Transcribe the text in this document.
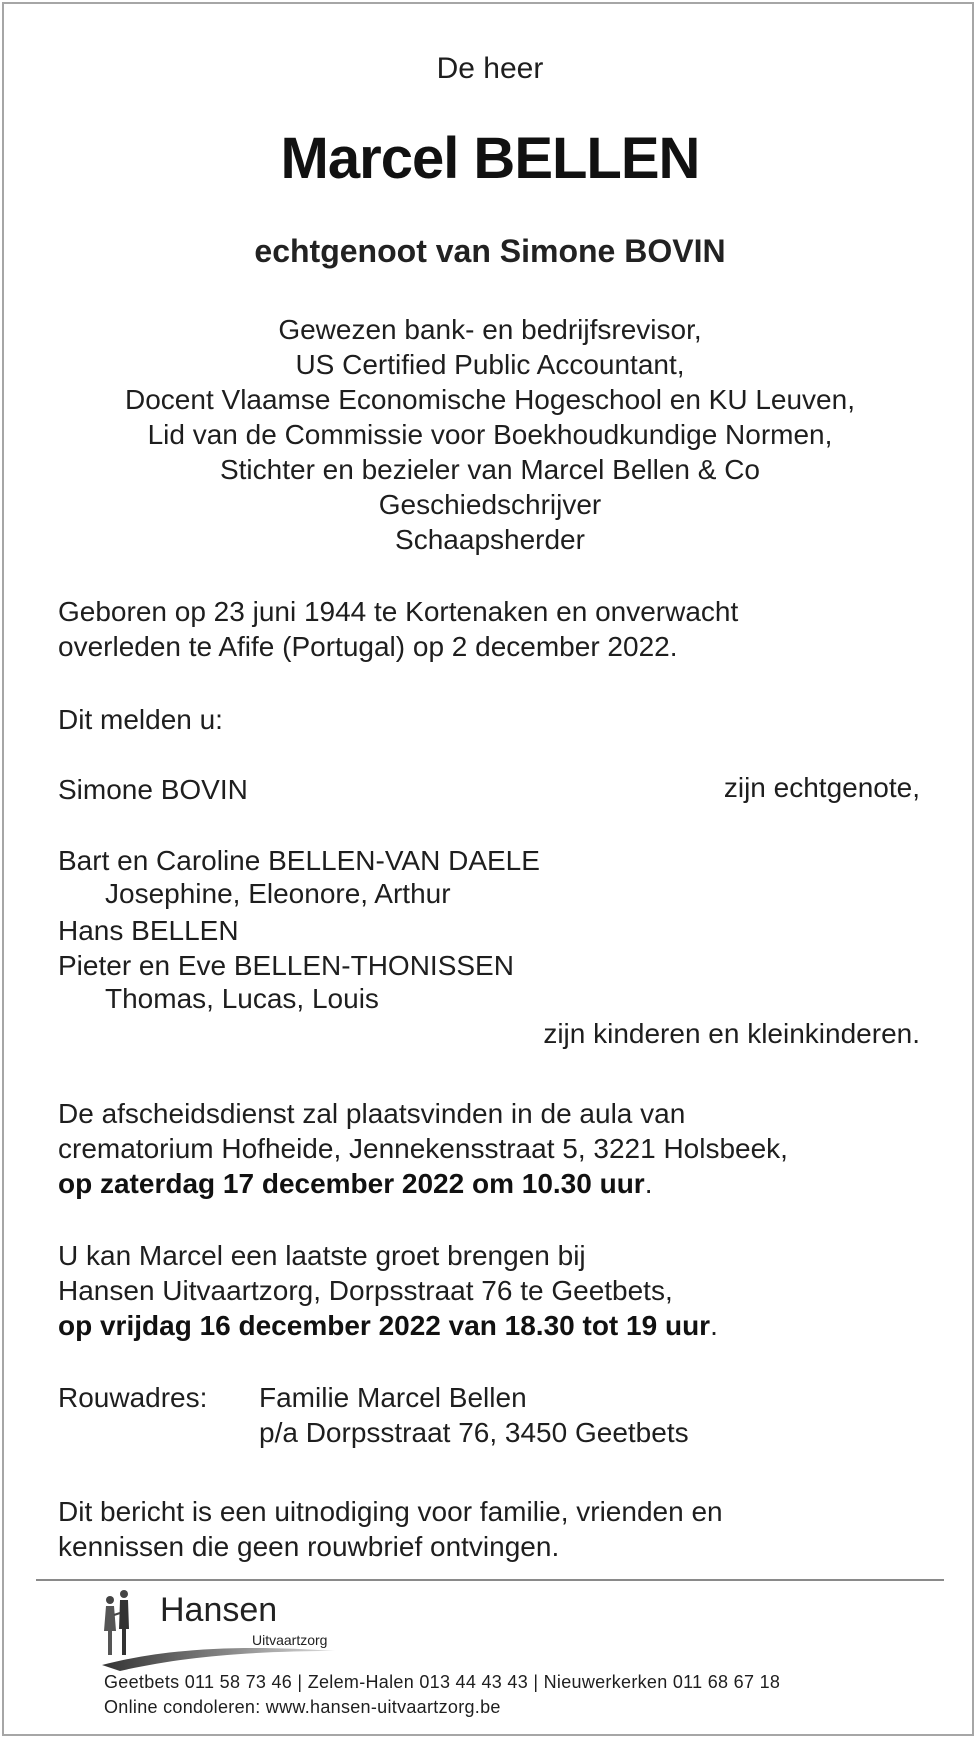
De heer
Marcel BELLEN
echtgenoot van Simone BOVIN
Gewezen bank- en bedrijfsrevisor,
US Certified Public Accountant,
Docent Vlaamse Economische Hogeschool en KU Leuven,
Lid van de Commissie voor Boekhoudkundige Normen,
Stichter en bezieler van Marcel Bellen & Co
Geschiedschrijver
Schaapsherder
Geboren op 23 juni 1944 te Kortenaken en onverwacht
overleden te Afife (Portugal) op 2 december 2022.
Dit melden u:
Simone BOVIN	zijn echtgenote,
Bart en Caroline BELLEN-VAN DAELE
Josephine, Eleonore, Arthur
Hans BELLEN
Pieter en Eve BELLEN-THONISSEN
Thomas, Lucas, Louis
zijn kinderen en kleinkinderen.
De afscheidsdienst zal plaatsvinden in de aula van
crematorium Hofheide, Jennekensstraat 5, 3221 Holsbeek,
op zaterdag 17 december 2022 om 10.30 uur.
U kan Marcel een laatste groet brengen bij
Hansen Uitvaartzorg, Dorpsstraat 76 te Geetbets,
op vrijdag 16 december 2022 van 18.30 tot 19 uur.
Rouwadres: Familie Marcel Bellen
p/a Dorpsstraat 76, 3450 Geetbets
Dit bericht is een uitnodiging voor familie, vrienden en
kennissen die geen rouwbrief ontvingen.
Hansen
Uitvaartzorg
Geetbets 011 58 73 46 | Zelem-Halen 013 44 43 43 | Nieuwerkerken 011 68 67 18
Online condoleren: www.hansen-uitvaartzorg.be
